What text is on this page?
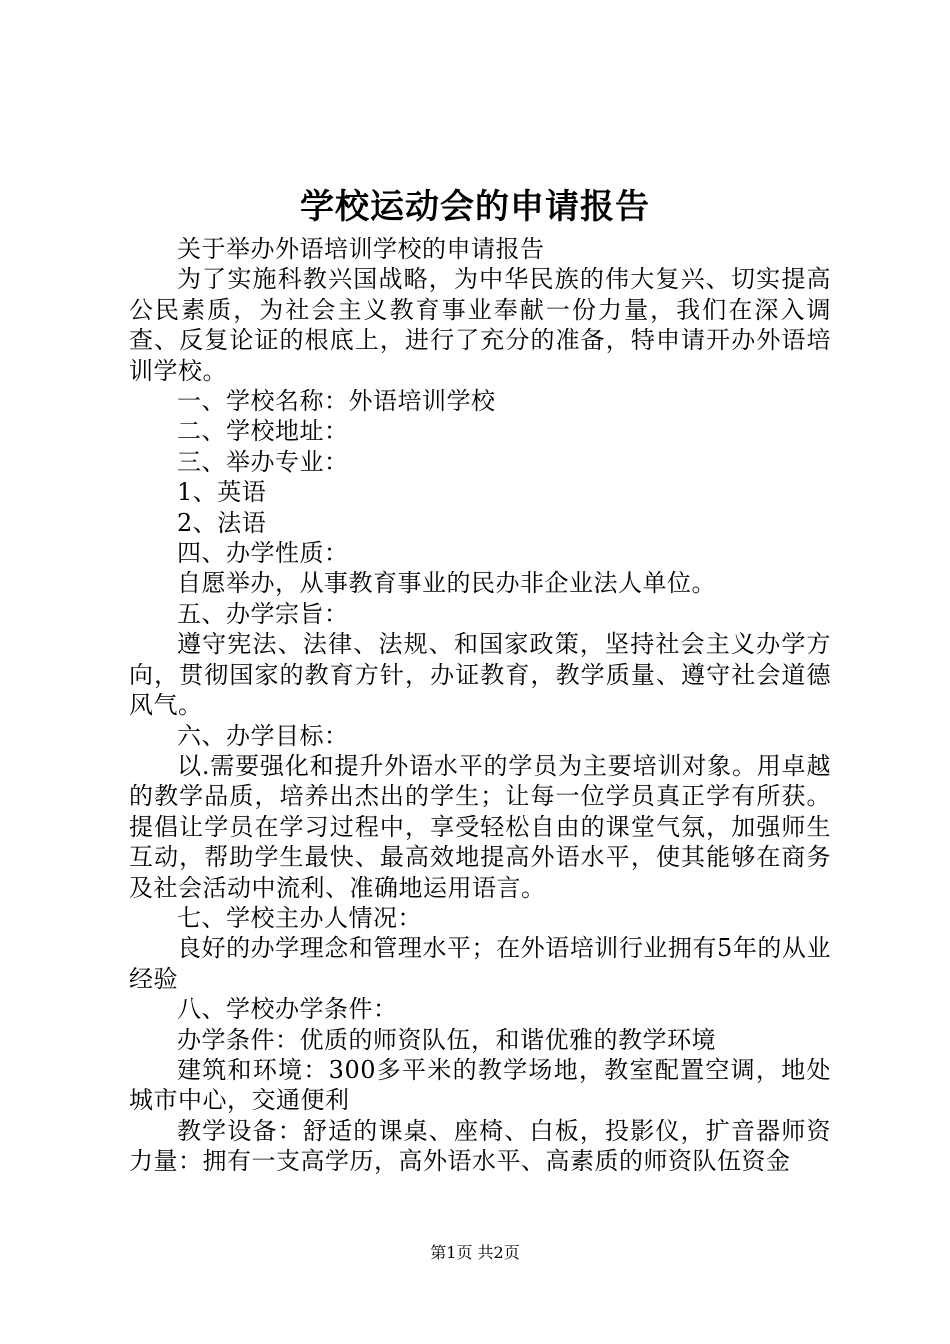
学校运动会的申请报告

关于举办外语培训学校的申请报告

为了实施科教兴国战略，为中华民族的伟大复兴、切实提高公民素质，为社会主义教育事业奉献一份力量，我们在深入调查、反复论证的根底上，进行了充分的准备，特申请开办外语培训学校。

一、学校名称：外语培训学校

二、学校地址：

三、举办专业：

1、英语

2、法语

四、办学性质：

自愿举办，从事教育事业的民办非企业法人单位。

五、办学宗旨：

遵守宪法、法律、法规、和国家政策，坚持社会主义办学方向，贯彻国家的教育方针，办证教育，教学质量、遵守社会道德风气。

六、办学目标：

以.需要强化和提升外语水平的学员为主要培训对象。用卓越的教学品质，培养出杰出的学生；让每一位学员真正学有所获。提倡让学员在学习过程中，享受轻松自由的课堂气氛，加强师生互动，帮助学生最快、最高效地提高外语水平，使其能够在商务及社会活动中流利、准确地运用语言。

七、学校主办人情况：

良好的办学理念和管理水平；在外语培训行业拥有5年的从业经验

八、学校办学条件：

办学条件：优质的师资队伍，和谐优雅的教学环境

建筑和环境：300多平米的教学场地，教室配置空调，地处城市中心，交通便利

教学设备：舒适的课桌、座椅、白板，投影仪，扩音器师资力量：拥有一支高学历，高外语水平、高素质的师资队伍资金

第1页 共2页
